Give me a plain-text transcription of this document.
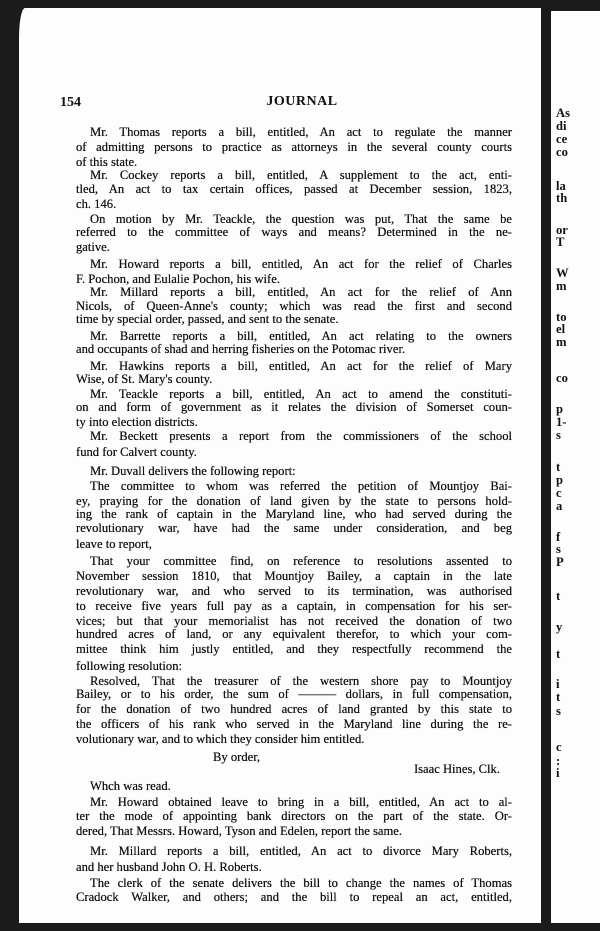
154	JOURNAL
Mr. Thomas reports a bill, entitled, An act to regulate the manner
of admitting persons to practice as attorneys in the several county courts
of this state.
Mr. Cockey reports a bill, entitled, A supplement to the act, enti-
tled, An act to tax certain offices, passed at December session, 1823,
ch. 146.
On motion by Mr. Teackle, the question was put, That the same be
referred to the committee of ways and means? Determined in the ne-
gative.
Mr. Howard reports a bill, entitled, An act for the relief of Charles
F. Pochon, and Eulalie Pochon, his wife.
Mr. Millard reports a bill, entitled, An act for the relief of Ann
Nicols, of Queen-Anne's county; which was read the first and second
time by special order, passed, and sent to the senate.
Mr. Barrette reports a bill, entitled, An act relating to the owners
and occupants of shad and herring fisheries on the Potomac river.
Mr. Hawkins reports a bill, entitled, An act for the relief of Mary
Wise, of St. Mary's county.
Mr. Teackle reports a bill, entitled, An act to amend the constituti-
on and form of government as it relates the division of Somerset coun-
ty into election districts.
Mr. Beckett presents a report from the commissioners of the school
fund for Calvert county.
Mr. Duvall delivers the following report:
The committee to whom was referred the petition of Mountjoy Bai-
ey, praying for the donation of land given by the state to persons hold-
ing the rank of captain in the Maryland line, who had served during the
revolutionary war, have had the same under consideration, and beg
leave to report,
That your committee find, on reference to resolutions assented to
November session 1810, that Mountjoy Bailey, a captain in the late
revolutionary war, and who served to its termination, was authorised
to receive five years full pay as a captain, in compensation for his ser-
vices; but that your memorialist has not received the donation of two
hundred acres of land, or any equivalent therefor, to which your com-
mittee think him justly entitled, and they respectfully recommend the
following resolution:
Resolved, That the treasurer of the western shore pay to Mountjoy
Bailey, or to his order, the sum of ——— dollars, in full compensation,
for the donation of two hundred acres of land granted by this state to
the officers of his rank who served in the Maryland line during the re-
volutionary war, and to which they consider him entitled.
Whch was read.
Mr. Howard obtained leave to bring in a bill, entitled, An act to al-
ter the mode of appointing bank directors on the part of the state. Or-
dered, That Messrs. Howard, Tyson and Edelen, report the same.
Mr. Millard reports a bill, entitled, An act to divorce Mary Roberts,
and her husband John O. H. Roberts.
The clerk of the senate delivers the bill to change the names of Thomas
Cradock Walker, and others; and the bill to repeal an act, entitled,
By order,
Isaac Hines, Clk.
As
di
ce
co
la
th
or
T
W
m
to
el
m
co
p
1-
s
t
p
c
a
f
s
P
t
y
t
i
t
s
c
:
i
